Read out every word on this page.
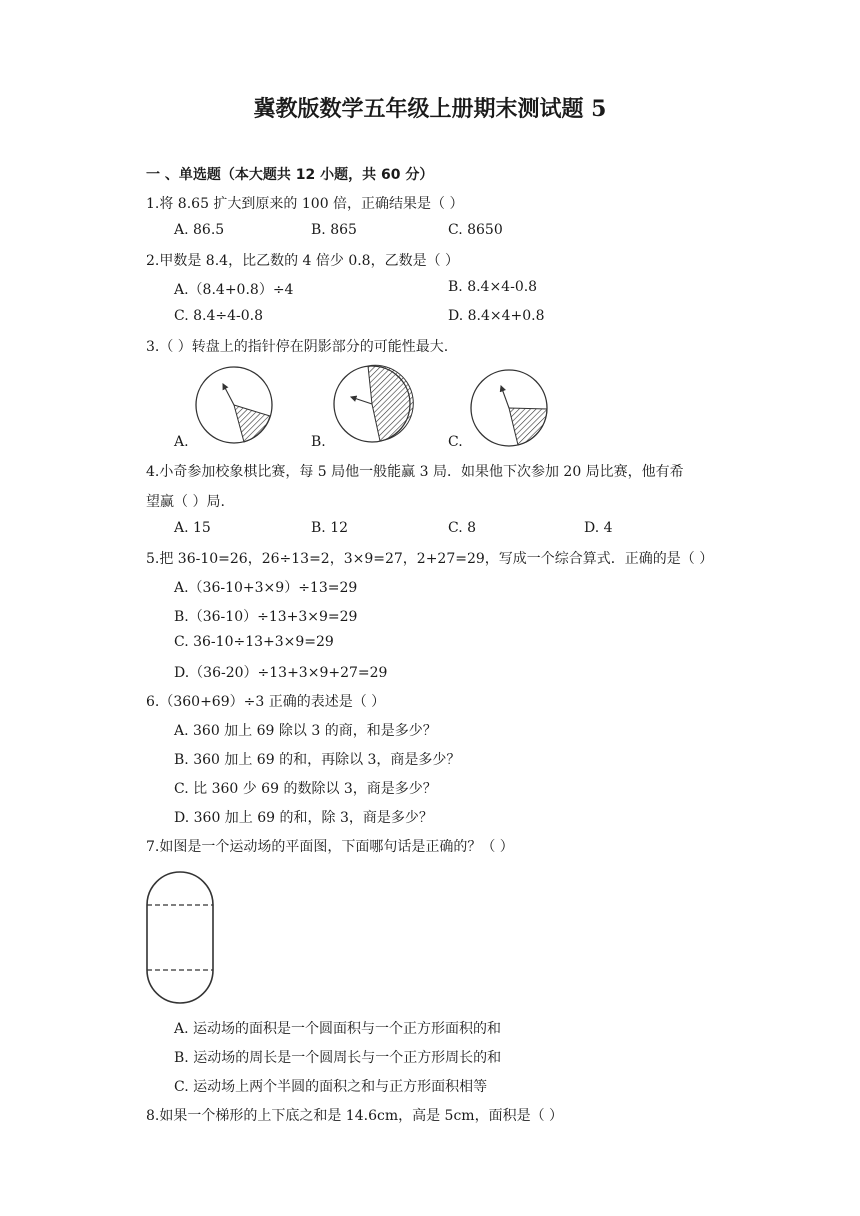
冀教版数学五年级上册期末测试题 5
一 、单选题（本大题共 12 小题，共 60 分）
1.将 8.65 扩大到原来的 100 倍，正确结果是（ ）
A. 86.5	B. 865	C. 8650
2.甲数是 8.4，比乙数的 4 倍少 0.8，乙数是（ ）
A.（8.4+0.8）÷4	B. 8.4×4-0.8
C. 8.4÷4-0.8	D. 8.4×4+0.8
3.（ ）转盘上的指针停在阴影部分的可能性最大.
A.	B.	C.
4.小奇参加校象棋比赛，每 5 局他一般能赢 3 局．如果他下次参加 20 局比赛，他有希
望赢（ ）局.
A. 15	B. 12	C. 8	D. 4
5.把 36-10=26，26÷13=2，3×9=27，2+27=29，写成一个综合算式．正确的是（ ）
A.（36-10+3×9）÷13=29
B.（36-10）÷13+3×9=29
C. 36-10÷13+3×9=29
D.（36-20）÷13+3×9+27=29
6.（360+69）÷3 正确的表述是（ ）
A. 360 加上 69 除以 3 的商，和是多少？
B. 360 加上 69 的和，再除以 3，商是多少？
C. 比 360 少 69 的数除以 3，商是多少？
D. 360 加上 69 的和，除 3，商是多少？
7.如图是一个运动场的平面图，下面哪句话是正确的？（ ）
A. 运动场的面积是一个圆面积与一个正方形面积的和
B. 运动场的周长是一个圆周长与一个正方形周长的和
C. 运动场上两个半圆的面积之和与正方形面积相等
8.如果一个梯形的上下底之和是 14.6cm，高是 5cm，面积是（ ）
